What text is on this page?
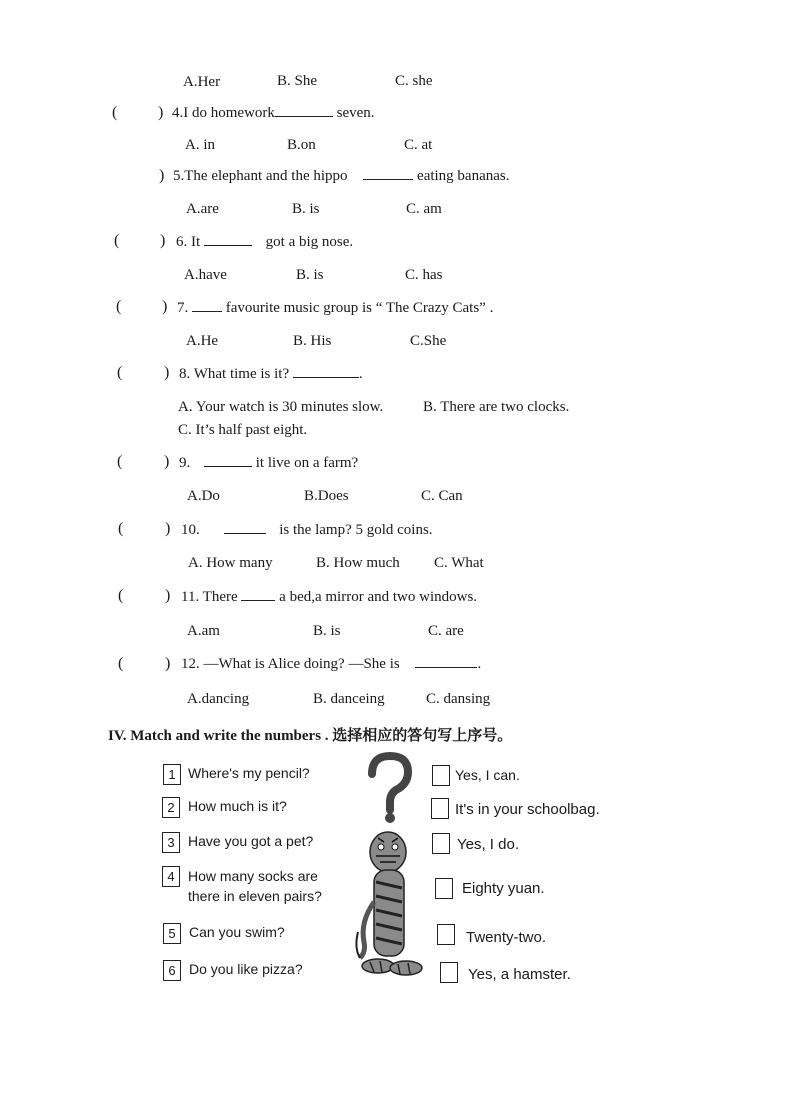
A.Her	B. She	C. she
(	) 4.I do homework	seven.
A. in	B.on	C. at
) 5.The elephant and the hippo	eating bananas.
A.are	B. is	C. am
(	) 6. It	got a big nose.
A.have	B. is	C. has
(	) 7.	favourite music group is “ The Crazy Cats” .
A.He	B. His	C.She
(	) 8. What time is it?	.
A. Your watch is 30 minutes slow.	B. There are two clocks.
C. It’s half past eight.
(	) 9.	it live on a farm?
A.Do	B.Does	C. Can
(	) 10.	is the lamp? 5 gold coins.
A. How many	B. How much C. What
(	) 11. There	a bed,a mirror and two windows.
A.am	B. is	C. are
(	) 12. —What is Alice doing? —She is	.
A.dancing	B. danceing	C. dansing
IV. Match and write the numbers . 选择相应的答句写上序号。
1 Where's my pencil?
2 How much is it?
3 Have you got a pet?
4 How many socks are
there in eleven pairs?
5 Can you swim?
6 Do you like pizza?
Yes, I can.
It's in your schoolbag.
Yes, I do.
Eighty yuan.
Twenty-two.
Yes, a hamster.
